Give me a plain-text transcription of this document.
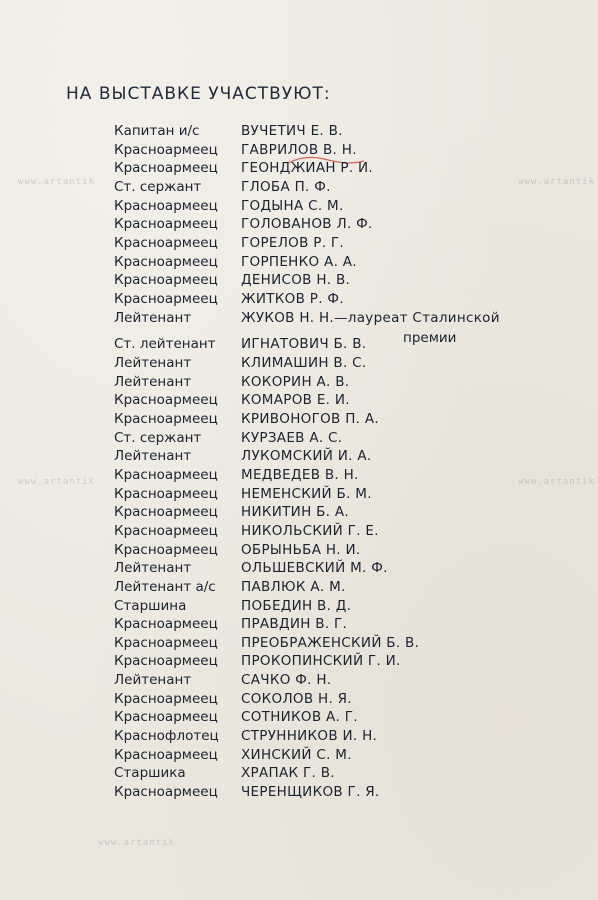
www.artantik	www.artantik
www.artantik	www.artantik
www.artantik
НА ВЫСТАВКЕ УЧАСТВУЮТ:
Капитан и/с	ВУЧЕТИЧ Е. В.
Красноармеец ГАВРИЛОВ В. Н.
Красноармеец ГЕОНДЖИАН Р. И.
Ст. сержант	ГЛОБА П. Ф.
Красноармеец ГОДЫНА С. М.
Красноармеец ГОЛОВАНОВ Л. Ф.
Красноармеец ГОРЕЛОВ Р. Г.
Красноармеец ГОРПЕНКО А. А.
Красноармеец ДЕНИСОВ Н. В.
Красноармеец ЖИТКОВ Р. Ф.
Лейтенант	ЖУКОВ Н. Н.—лауреат Сталинской
премии
Ст. лейтенант ИГНАТОВИЧ Б. В.
Лейтенант	КЛИМАШИН В. С.
Лейтенант	КОКОРИН А. В.
Красноармеец КОМАРОВ Е. И.
Красноармеец КРИВОНОГОВ П. А.
Ст. сержант	КУРЗАЕВ А. С.
Лейтенант	ЛУКОМСКИЙ И. А.
Красноармеец МЕДВЕДЕВ В. Н.
Красноармеец НЕМЕНСКИЙ Б. М.
Красноармеец НИКИТИН Б. А.
Красноармеец НИКОЛЬСКИЙ Г. Е.
Красноармеец ОБРЫНЬБА Н. И.
Лейтенант	ОЛЬШЕВСКИЙ М. Ф.
Лейтенант а/с ПАВЛЮК А. М.
Старшина	ПОБЕДИН В. Д.
Красноармеец ПРАВДИН В. Г.
Красноармеец ПРЕОБРАЖЕНСКИЙ Б. В.
Красноармеец ПРОКОПИНСКИЙ Г. И.
Лейтенант	САЧКО Ф. Н.
Красноармеец СОКОЛОВ Н. Я.
Красноармеец СОТНИКОВ А. Г.
Краснофлотец СТРУННИКОВ И. Н.
Красноармеец ХИНСКИЙ С. М.
Старшика	ХРАПАК Г. В.
Красноармеец ЧЕРЕНЩИКОВ Г. Я.
